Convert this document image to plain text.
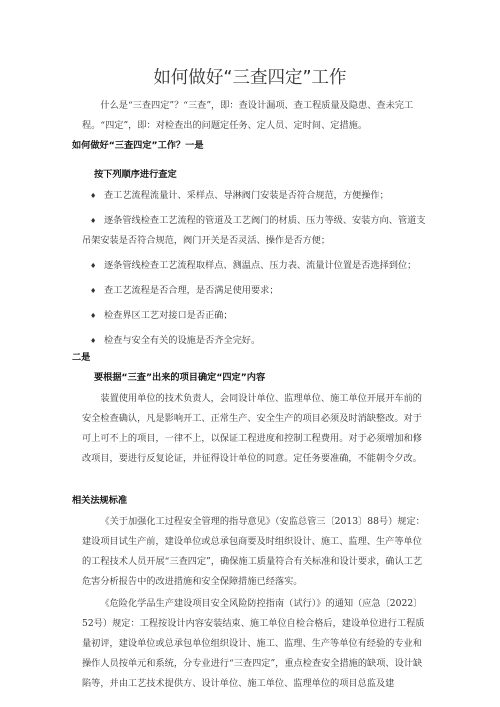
如何做好“三查四定”工作

什么是“三查四定”？“三查”，即：查设计漏项、查工程质量及隐患、查未完工程。“四定”，即：对检查出的问题定任务、定人员、定时间、定措施。

如何做好“三查四定”工作？一是

按下列顺序进行查定

♦ 查工艺流程流量计、采样点、导淋阀门安装是否符合规范，方便操作；

♦ 逐条管线检查工艺流程的管道及工艺阀门的材质、压力等级、安装方向、管道支吊架安装是否符合规范，阀门开关是否灵活、操作是否方便；

♦ 逐条管线检查工艺流程取样点、测温点、压力表、流量计位置是否选择到位；

♦ 查工艺流程是否合理，是否满足使用要求；

♦ 检查界区工艺对接口是否正确；

♦ 检查与安全有关的设施是否齐全完好。

二是

要根据“三查”出来的项目确定“四定”内容

装置使用单位的技术负责人，会同设计单位、监理单位、施工单位开展开车前的安全检查确认，凡是影响开工、正常生产、安全生产的项目必须及时消缺整改。对于可上可不上的项目，一律不上，以保证工程进度和控制工程费用。对于必须增加和修改项目，要进行反复论证，并征得设计单位的同意。定任务要准确，不能朝令夕改。

相关法规标准

《关于加强化工过程安全管理的指导意见》（安监总管三〔2013〕88号）规定：建设项目试生产前，建设单位或总承包商要及时组织设计、施工、监理、生产等单位的工程技术人员开展“三查四定”，确保施工质量符合有关标准和设计要求，确认工艺危害分析报告中的改进措施和安全保障措施已经落实。

《危险化学品生产建设项目安全风险防控指南（试行）》的通知（应急〔2022〕52号）规定：工程按设计内容安装结束、施工单位自检合格后，建设单位进行工程质量初评，建设单位或总承包单位组织设计、施工、监理、生产等单位有经验的专业和操作人员按单元和系统，分专业进行“三查四定”，重点检查安全措施的缺项、设计缺陷等，并由工艺技术提供方、设计单位、施工单位、监理单位的项目总监及建
